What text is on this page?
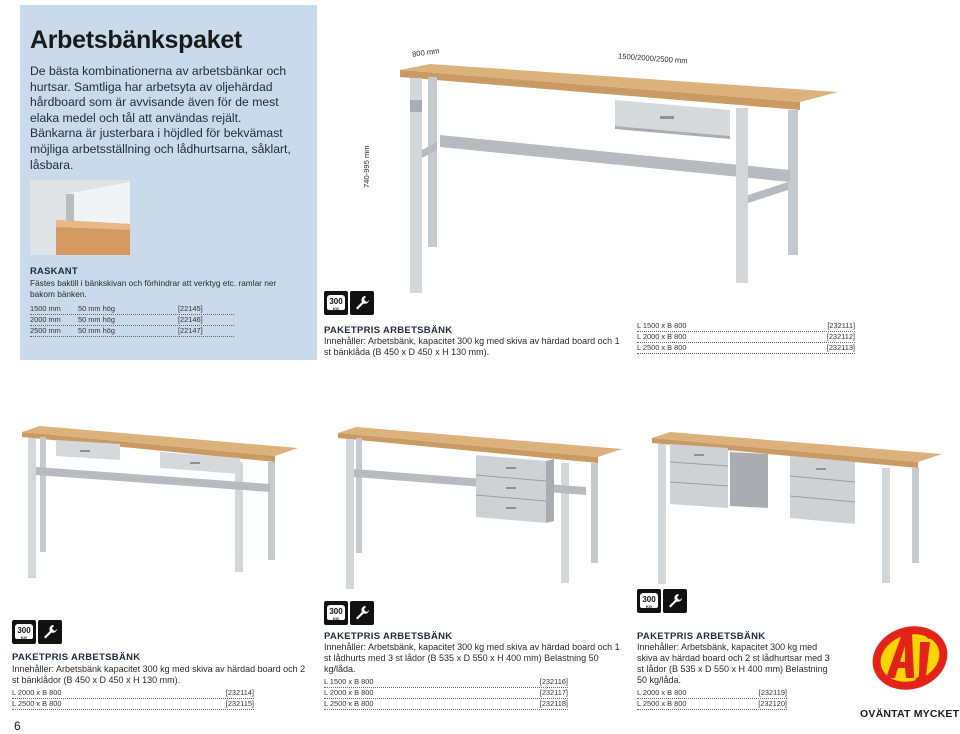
Arbetsbänkspaket
De bästa kombinationerna av arbetsbänkar och hurtsar. Samtliga har arbetsyta av oljehärdad hårdboard som är avvisande även för de mest elaka medel och tål att användas rejält. Bänkarna är justerbara i höjdled för bekvämast möjliga arbetsställning och lådhurtsarna, såklart, låsbara.
RASKANT
Fästes baktill i bänkskivan och förhindrar att verktyg etc. ramlar ner bakom bänken.
1500 mm	50 mm hög	[22145]
2000 mm	50 mm hög	[22146]
2500 mm	50 mm hög	[22147]
800 mm	1500/2000/2500 mm
740-995 mm
300
KG
PAKETPRIS ARBETSBÄNK
Innehåller: Arbetsbänk, kapacitet 300 kg med skiva av härdad board och 1 st bänklåda (B 450 x D 450 x H 130 mm).
L 1500 x B 800	[232111]
L 2000 x B 800	[232112]
L 2500 x B 800	[232113]
300
KG
PAKETPRIS ARBETSBÄNK
Innehåller: Arbetsbänk kapacitet 300 kg med skiva av härdad board och 2 st bänklådor (B 450 x D 450 x H 130 mm).
L 2000 x B 800	[232114]
L 2500 x B 800	[232115]
300
KG
PAKETPRIS ARBETSBÄNK
Innehåller: Arbetsbänk, kapacitet 300 kg med skiva av härdad board och 1 st lådhurts med 3 st lådor (B 535 x D 550 x H 400 mm) Belastning 50 kg/låda.
L 1500 x B 800	[232116]
L 2000 x B 800	[232117]
L 2500 x B 800	[232118]
300
KG
PAKETPRIS ARBETSBÄNK
Innehåller: Arbetsbänk, kapacitet 300 kg med skiva av härdad board och 2 st lådhurtsar med 3 st lådor (B 535 x D 550 x H 400 mm) Belastning 50 kg/låda.
L 2000 x B 800	[232119]
L 2500 x B 800	[232120]
OVÄNTAT MYCKET
6
